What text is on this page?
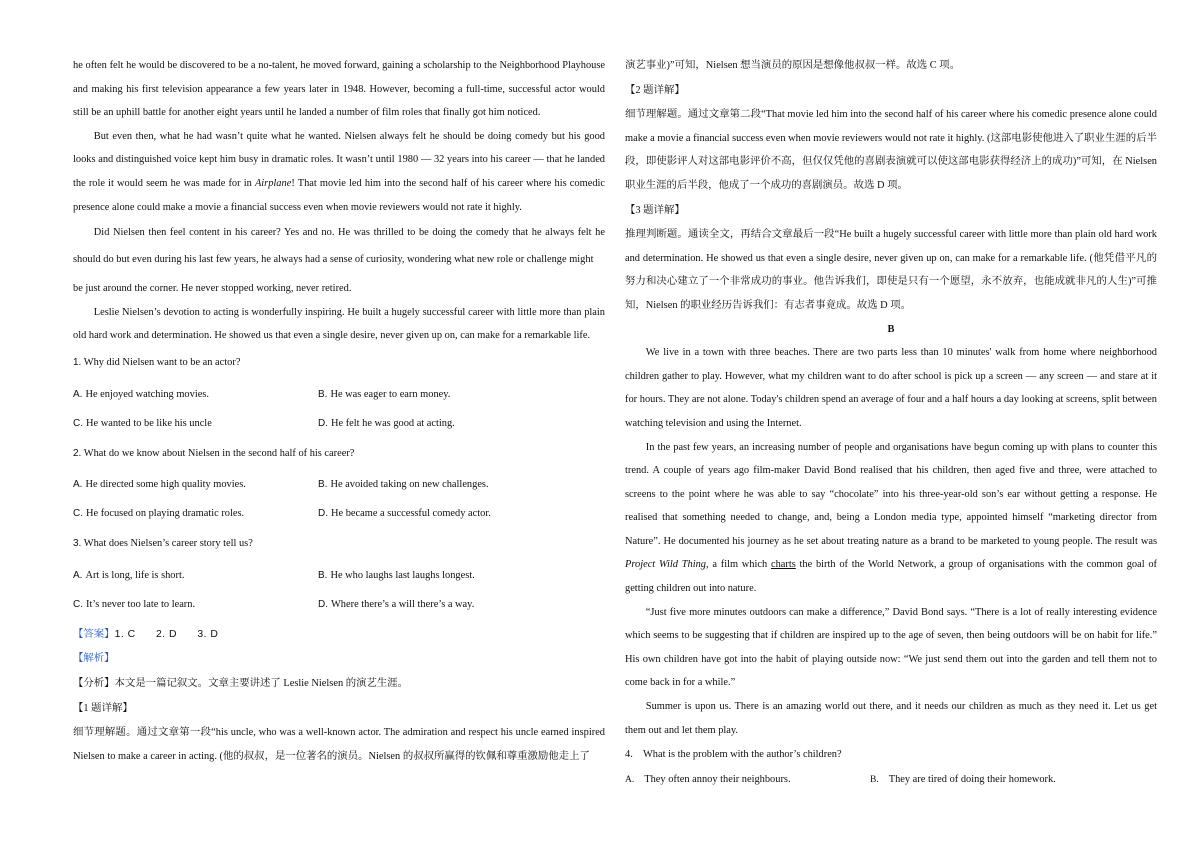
he often felt he would be discovered to be a no-talent, he moved forward, gaining a scholarship to the Neighborhood Playhouse and making his first television appearance a few years later in 1948. However, becoming a full-time, successful actor would still be an uphill battle for another eight years until he landed a number of film roles that finally got him noticed.

But even then, what he had wasn’t quite what he wanted. Nielsen always felt he should be doing comedy but his good looks and distinguished voice kept him busy in dramatic roles. It wasn’t until 1980 — 32 years into his career — that he landed the role it would seem he was made for in Airplane! That movie led him into the second half of his career where his comedic presence alone could make a movie a financial success even when movie reviewers would not rate it highly.

Did Nielsen then feel content in his career? Yes and no. He was thrilled to be doing the comedy that he always felt he should do but even during his last few years, he always had a sense of curiosity, wondering what new role or challenge might

be just around the corner. He never stopped working, never retired.

Leslie Nielsen’s devotion to acting is wonderfully inspiring. He built a hugely successful career with little more than plain old hard work and determination. He showed us that even a single desire, never given up on, can make for a remarkable life.

1. Why did Nielsen want to be an actor?
A. He enjoyed watching movies.	B. He was eager to earn money.
C. He wanted to be like his uncle	D. He felt he was good at acting.
2. What do we know about Nielsen in the second half of his career?
A. He directed some high quality movies.	B. He avoided taking on new challenges.
C. He focused on playing dramatic roles.	D. He became a successful comedy actor.
3. What does Nielsen’s career story tell us?
A. Art is long, life is short.	B. He who laughs last laughs longest.
C. It’s never too late to learn.	D. Where there’s a will there’s a way.
【答案】1. C      2. D      3. D
【解析】
【分析】本文是一篇记叙文。文章主要讲述了 Leslie Nielsen 的演艺生涯。
【1 题详解】

细节理解题。通过文章第一段“his uncle, who was a well-known actor. The admiration and respect his uncle earned inspired Nielsen to make a career in acting. (他的叔叔，是一位著名的演员。Nielsen 的叔叔所赢得的钦佩和尊重激励他走上了

演艺事业)”可知，Nielsen 想当演员的原因是想像他叔叔一样。故选 C 项。

【2 题详解】

细节理解题。通过文章第二段“That movie led him into the second half of his career where his comedic presence alone could make a movie a financial success even when movie reviewers would not rate it highly. (这部电影使他进入了职业生涯的后半段，即使影评人对这部电影评价不高，但仅仅凭他的喜剧表演就可以使这部电影获得经济上的成功)”可知，在 Nielsen 职业生涯的后半段，他成了一个成功的喜剧演员。故选 D 项。

【3 题详解】

推理判断题。通读全文，再结合文章最后一段“He built a hugely successful career with little more than plain old hard work and determination. He showed us that even a single desire, never given up on, can make for a remarkable life. (他凭借平凡的努力和决心建立了一个非常成功的事业。他告诉我们，即使是只有一个愿望，永不放弃，也能成就非凡的人生)”可推知，Nielsen 的职业经历告诉我们：有志者事竟成。故选 D 项。

B

We live in a town with three beaches. There are two parts less than 10 minutes' walk from home where neighborhood children gather to play. However, what my children want to do after school is pick up a screen — any screen — and stare at it for hours. They are not alone. Today's children spend an average of four and a half hours a day looking at screens, split between watching television and using the Internet.

In the past few years, an increasing number of people and organisations have begun coming up with plans to counter this trend. A couple of years ago film-maker David Bond realised that his children, then aged five and three, were attached to screens to the point where he was able to say “chocolate” into his three-year-old son’s ear without getting a response. He realised that something needed to change, and, being a London media type, appointed himself “marketing director from Nature”. He documented his journey as he set about treating nature as a brand to be marketed to young people. The result was Project Wild Thing, a film which charts the birth of the World Network, a group of organisations with the common goal of getting children out into nature.

“Just five more minutes outdoors can make a difference,” David Bond says. “There is a lot of really interesting evidence which seems to be suggesting that if children are inspired up to the age of seven, then being outdoors will be on habit for life.” His own children have got into the habit of playing outside now: “We just send them out into the garden and tell them not to come back in for a while.”

Summer is upon us. There is an amazing world out there, and it needs our children as much as they need it. Let us get them out and let them play.

4. What is the problem with the author’s children?
A. They often annoy their neighbours.	B. They are tired of doing their homework.
